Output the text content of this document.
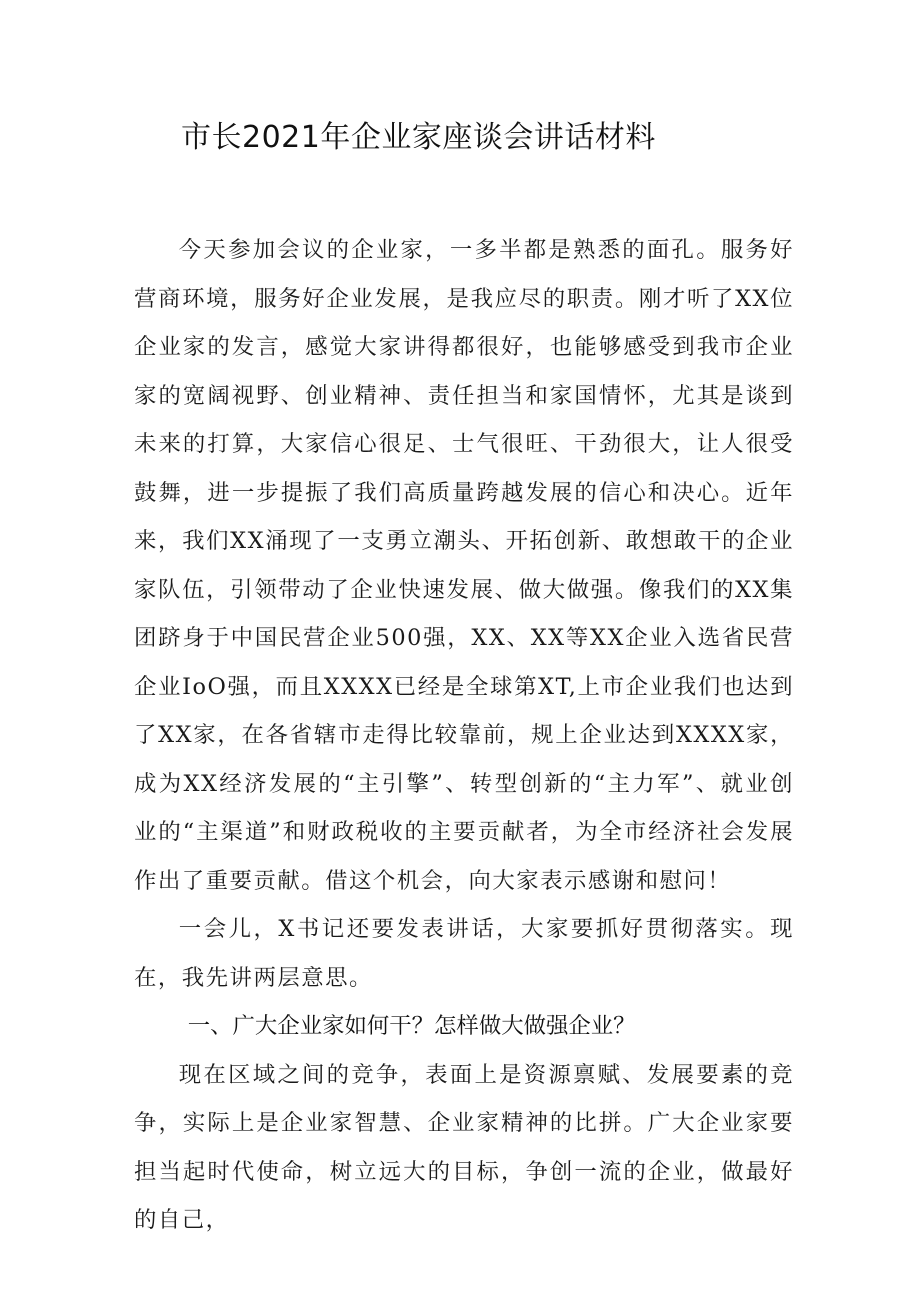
市长2021年企业家座谈会讲话材料

今天参加会议的企业家，一多半都是熟悉的面孔。服务好营商环境，服务好企业发展，是我应尽的职责。刚才听了XX位企业家的发言，感觉大家讲得都很好，也能够感受到我市企业家的宽阔视野、创业精神、责任担当和家国情怀，尤其是谈到未来的打算，大家信心很足、士气很旺、干劲很大，让人很受鼓舞，进一步提振了我们高质量跨越发展的信心和决心。近年来，我们XX涌现了一支勇立潮头、开拓创新、敢想敢干的企业家队伍，引领带动了企业快速发展、做大做强。像我们的XX集团跻身于中国民营企业500强，XX、XX等XX企业入选省民营企业IoO强，而且XXXX已经是全球第XT,上市企业我们也达到了XX家，在各省辖市走得比较靠前，规上企业达到XXXX家，成为XX经济发展的“主引擎”、转型创新的“主力军”、就业创业的“主渠道”和财政税收的主要贡献者，为全市经济社会发展作出了重要贡献。借这个机会，向大家表示感谢和慰问！

一会儿，X书记还要发表讲话，大家要抓好贯彻落实。现在，我先讲两层意思。

一、广大企业家如何干？怎样做大做强企业？

现在区域之间的竞争，表面上是资源禀赋、发展要素的竞争，实际上是企业家智慧、企业家精神的比拼。广大企业家要担当起时代使命，树立远大的目标，争创一流的企业，做最好的自己，
